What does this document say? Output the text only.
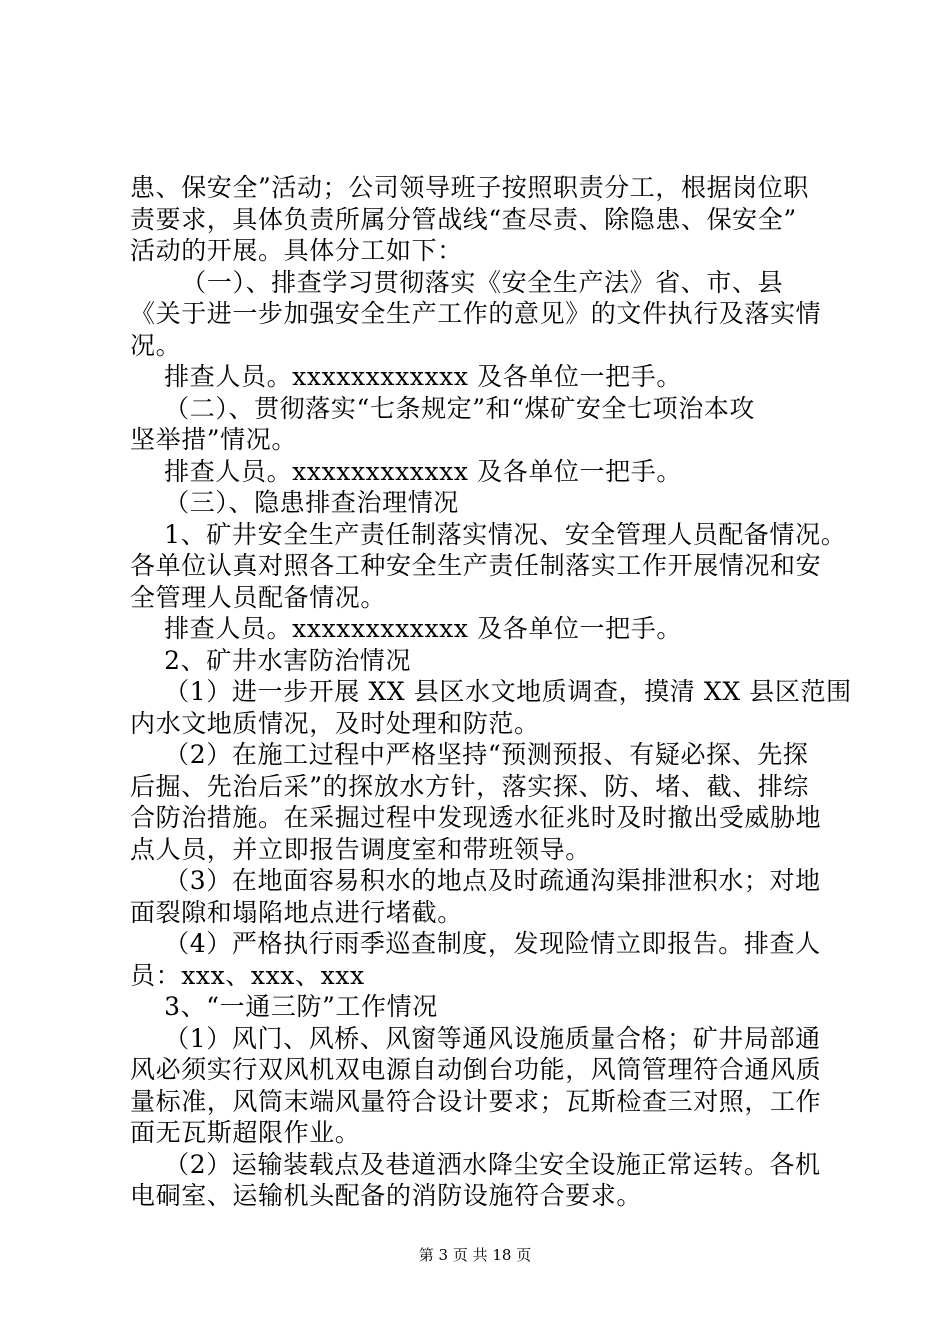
患、保安全”活动；公司领导班子按照职责分工，根据岗位职
责要求，具体负责所属分管战线“查尽责、除隐患、保安全”
活动的开展。具体分工如下：
（一）、排查学习贯彻落实《安全生产法》省、市、县
《关于进一步加强安全生产工作的意见》的文件执行及落实情
况。
排查人员。xxxxxxxxxxxx 及各单位一把手。
（二）、贯彻落实“七条规定”和“煤矿安全七项治本攻
坚举措”情况。
排查人员。xxxxxxxxxxxx 及各单位一把手。
（三）、隐患排查治理情况
1、矿井安全生产责任制落实情况、安全管理人员配备情况。
各单位认真对照各工种安全生产责任制落实工作开展情况和安
全管理人员配备情况。
排查人员。xxxxxxxxxxxx 及各单位一把手。
2、矿井水害防治情况
（1）进一步开展 XX 县区水文地质调查，摸清 XX 县区范围
内水文地质情况，及时处理和防范。
（2）在施工过程中严格坚持“预测预报、有疑必探、先探
后掘、先治后采”的探放水方针，落实探、防、堵、截、排综
合防治措施。在采掘过程中发现透水征兆时及时撤出受威胁地
点人员，并立即报告调度室和带班领导。
（3）在地面容易积水的地点及时疏通沟渠排泄积水；对地
面裂隙和塌陷地点进行堵截。
（4）严格执行雨季巡查制度，发现险情立即报告。排查人
员：xxx、xxx、xxx
3、“一通三防”工作情况
（1）风门、风桥、风窗等通风设施质量合格；矿井局部通
风必须实行双风机双电源自动倒台功能，风筒管理符合通风质
量标准，风筒末端风量符合设计要求；瓦斯检查三对照，工作
面无瓦斯超限作业。
（2）运输装载点及巷道洒水降尘安全设施正常运转。各机
电硐室、运输机头配备的消防设施符合要求。
第 3 页 共 18 页
